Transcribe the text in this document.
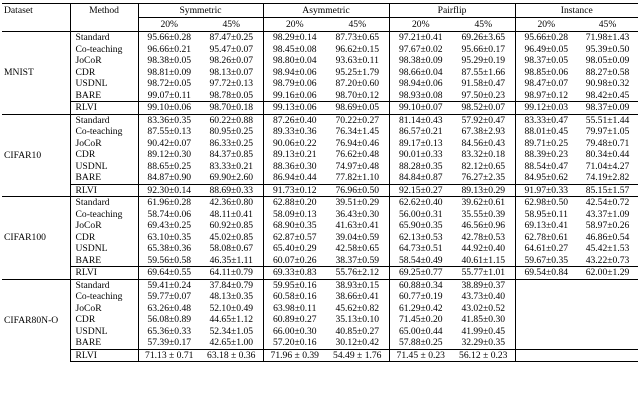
Dataset	Method	Symmetric		Asymmetric		Pairflip		Instance	
		20%	45%	20%	45%	20%	45%	20%	45%
MNIST	Standard	95.66±0.28	87.47±0.25	98.29±0.14	87.73±0.65	97.21±0.41	69.26±3.65	95.66±0.28	71.98±1.43
	Co-teaching	96.66±0.21	95.47±0.07	98.45±0.08	96.62±0.15	97.67±0.02	95.66±0.17	96.49±0.05	95.39±0.50
	JoCoR	98.38±0.05	98.26±0.07	98.80±0.04	93.63±0.11	98.38±0.09	95.29±0.19	98.37±0.05	98.05±0.09
	CDR	98.81±0.09	98.13±0.07	98.94±0.06	95.25±1.79	98.66±0.04	87.55±1.66	98.85±0.06	88.27±0.58
	USDNL	98.72±0.05	97.72±0.13	98.79±0.06	87.20±0.60	98.94±0.06	91.58±0.47	98.47±0.07	90.98±0.32
	BARE	99.07±0.11	98.78±0.05	99.16±0.06	98.70±0.12	98.93±0.08	97.50±0.23	98.97±0.12	98.42±0.45
	RLVI	99.10±0.06	98.70±0.18	99.13±0.06	98.69±0.05	99.10±0.07	98.52±0.07	99.12±0.03	98.37±0.09
CIFAR10	Standard	83.36±0.35	60.22±0.88	87.26±0.40	70.22±0.27	81.14±0.43	57.92±0.47	83.33±0.47	55.51±1.44
	Co-teaching	87.55±0.13	80.95±0.25	89.33±0.36	76.34±1.45	86.57±0.21	67.38±2.93	88.01±0.45	79.97±1.05
	JoCoR	90.42±0.07	86.33±0.25	90.06±0.22	76.94±0.46	89.17±0.13	84.56±0.43	89.71±0.25	79.48±0.71
	CDR	89.12±0.30	84.37±0.85	89.13±0.21	76.62±0.48	90.01±0.33	83.32±0.18	88.39±0.23	80.34±0.44
	USDNL	88.65±0.25	83.33±0.21	88.36±0.30	74.97±0.48	88.28±0.35	82.12±0.65	88.54±0.47	71.04±4.27
	BARE	84.87±0.90	69.90±2.60	86.94±0.44	77.82±1.10	84.84±0.87	76.27±2.35	84.95±0.62	74.19±2.82
	RLVI	92.30±0.14	88.69±0.33	91.73±0.12	76.96±0.50	92.15±0.27	89.13±0.29	91.97±0.33	85.15±1.57
CIFAR100	Standard	61.96±0.28	42.36±0.80	62.88±0.20	39.51±0.29	62.62±0.40	39.62±0.61	62.98±0.50	42.54±0.72
	Co-teaching	58.74±0.06	48.11±0.41	58.09±0.13	36.43±0.30	56.00±0.31	35.55±0.39	58.95±0.11	43.37±1.09
	JoCoR	69.43±0.25	60.92±0.85	68.90±0.35	41.63±0.41	65.90±0.35	46.56±0.96	69.13±0.41	58.97±0.26
	CDR	63.10±0.35	45.02±0.85	62.87±0.57	39.04±0.59	62.13±0.53	42.78±0.53	62.78±0.61	46.86±0.54
	USDNL	65.38±0.36	58.08±0.67	65.40±0.29	42.58±0.65	64.73±0.51	44.92±0.40	64.61±0.27	45.42±1.53
	BARE	59.56±0.58	46.35±1.11	60.07±0.26	38.37±0.59	58.54±0.49	40.61±1.15	59.67±0.35	43.22±0.73
	RLVI	69.64±0.55	64.11±0.79	69.33±0.83	55.76±2.12	69.25±0.77	55.77±1.01	69.54±0.84	62.00±1.29
CIFAR80N-O	Standard	59.41±0.24	37.84±0.79	59.95±0.16	38.93±0.15	60.88±0.34	38.89±0.37		
	Co-teaching	59.77±0.07	48.13±0.35	60.58±0.16	38.66±0.41	60.77±0.19	43.73±0.40		
	JoCoR	63.26±0.48	52.10±0.49	63.98±0.11	45.62±0.82	61.29±0.42	43.02±0.52		
	CDR	56.08±0.89	44.65±1.12	60.89±0.27	35.13±0.10	71.45±0.20	41.85±0.30		
	USDNL	65.36±0.33	52.34±1.05	66.00±0.30	40.85±0.27	65.00±0.44	41.99±0.45		
	BARE	57.39±0.17	42.65±1.00	57.20±0.16	30.12±0.42	57.88±0.25	32.29±0.35		
	RLVI	71.13 ± 0.71	63.18 ± 0.36	71.96 ± 0.39	54.49 ± 1.76	71.45 ± 0.23	56.12 ± 0.23		
